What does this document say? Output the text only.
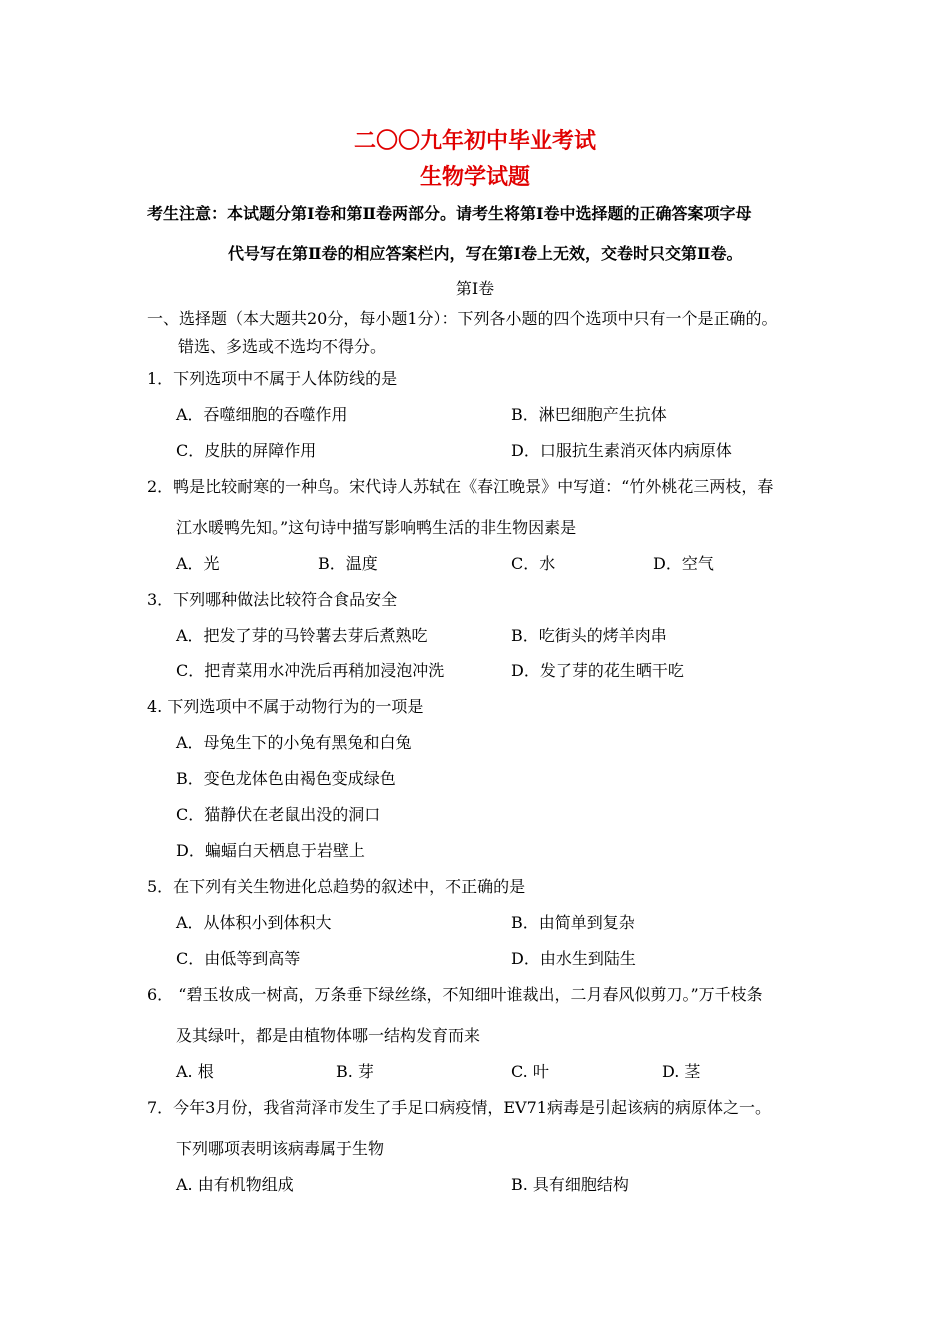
二〇〇九年初中毕业考试
生物学试题
考生注意：本试题分第Ⅰ卷和第Ⅱ卷两部分。请考生将第Ⅰ卷中选择题的正确答案项字母
代号写在第Ⅱ卷的相应答案栏内，写在第Ⅰ卷上无效，交卷时只交第Ⅱ卷。
第Ⅰ卷
一、选择题（本大题共20分，每小题1分）：下列各小题的四个选项中只有一个是正确的。
错选、多选或不选均不得分。
1．下列选项中不属于人体防线的是
A．吞噬细胞的吞噬作用	B．淋巴细胞产生抗体
C．皮肤的屏障作用	D．口服抗生素消灭体内病原体
2．鸭是比较耐寒的一种鸟。宋代诗人苏轼在《春江晚景》中写道：“竹外桃花三两枝，春
江水暖鸭先知。”这句诗中描写影响鸭生活的非生物因素是
A．光	B．温度	C．水	D．空气
3．下列哪种做法比较符合食品安全
A．把发了芽的马铃薯去芽后煮熟吃	B．吃街头的烤羊肉串
C．把青菜用水冲洗后再稍加浸泡冲洗	D．发了芽的花生晒干吃
4. 下列选项中不属于动物行为的一项是
A．母兔生下的小兔有黑兔和白兔
B．变色龙体色由褐色变成绿色
C．猫静伏在老鼠出没的洞口
D．蝙蝠白天栖息于岩壁上
5．在下列有关生物进化总趋势的叙述中，不正确的是
A．从体积小到体积大	B．由简单到复杂
C．由低等到高等	D．由水生到陆生
6． “碧玉妆成一树高，万条垂下绿丝绦，不知细叶谁裁出，二月春风似剪刀。”万千枝条
及其绿叶，都是由植物体哪一结构发育而来
A. 根	B. 芽	C. 叶	D. 茎
7．今年3月份，我省菏泽市发生了手足口病疫情，EV71病毒是引起该病的病原体之一。
下列哪项表明该病毒属于生物
A. 由有机物组成	B. 具有细胞结构
